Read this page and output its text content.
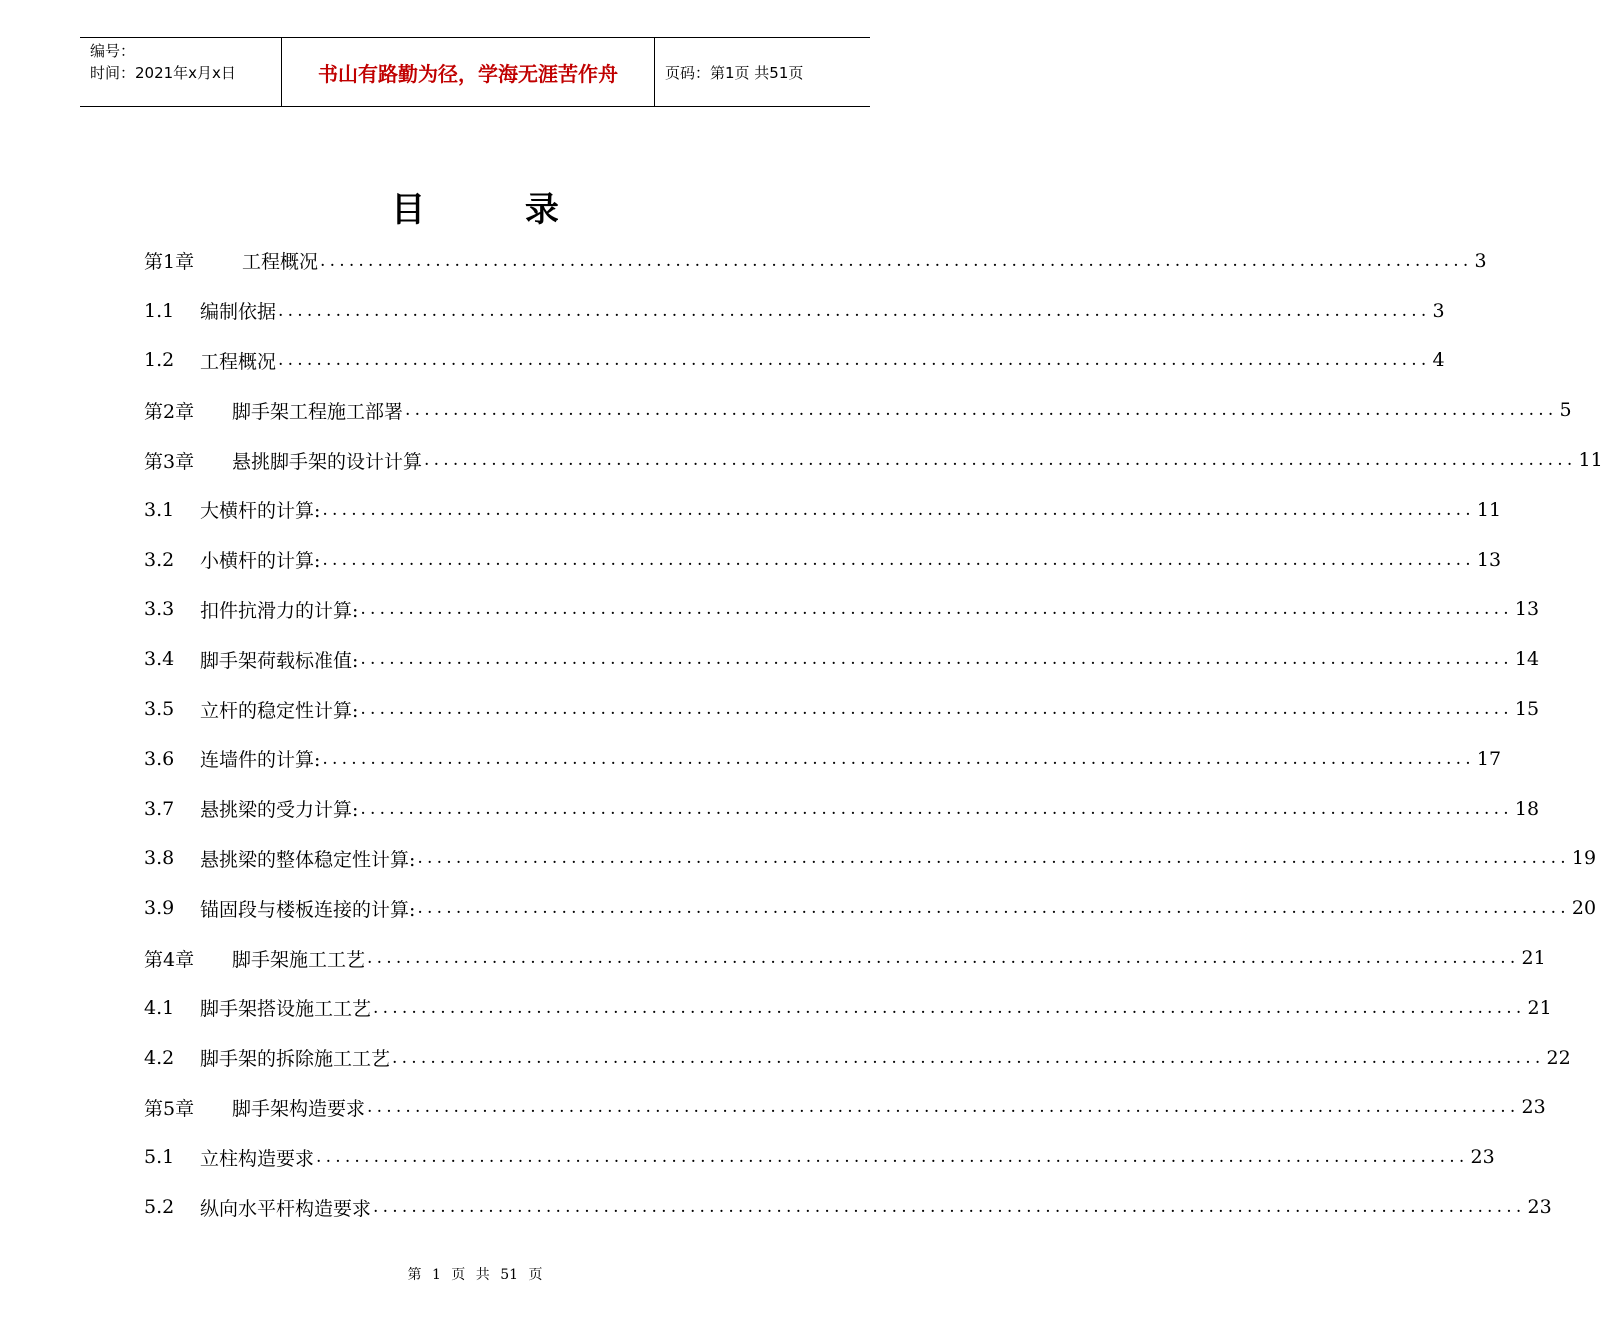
编号：
时间：2021年x月x日	书山有路勤为径，学海无涯苦作舟	页码：第1页 共51页
目 录
第1章	工程概况 ........................................................................................................................ 3
1.1	编制依据 ........................................................................................................................ 3
1.2	工程概况 ........................................................................................................................ 4
第2章	脚手架工程施工部署 ........................................................................................................................ 5
第3章	悬挑脚手架的设计计算 ........................................................................................................................ 11
3.1	大横杆的计算: ........................................................................................................................ 11
3.2	小横杆的计算: ........................................................................................................................ 13
3.3	扣件抗滑力的计算: ........................................................................................................................ 13
3.4	脚手架荷载标准值: ........................................................................................................................ 14
3.5	立杆的稳定性计算: ........................................................................................................................ 15
3.6	连墙件的计算: ........................................................................................................................ 17
3.7	悬挑梁的受力计算: ........................................................................................................................ 18
3.8	悬挑梁的整体稳定性计算: ........................................................................................................................ 19
3.9	锚固段与楼板连接的计算: ........................................................................................................................ 20
第4章	脚手架施工工艺 ........................................................................................................................ 21
4.1	脚手架搭设施工工艺 ........................................................................................................................ 21
4.2	脚手架的拆除施工工艺 ........................................................................................................................ 22
第5章	脚手架构造要求 ........................................................................................................................ 23
5.1	立柱构造要求 ........................................................................................................................ 23
5.2	纵向水平杆构造要求 ........................................................................................................................ 23
第 1 页 共 51 页
